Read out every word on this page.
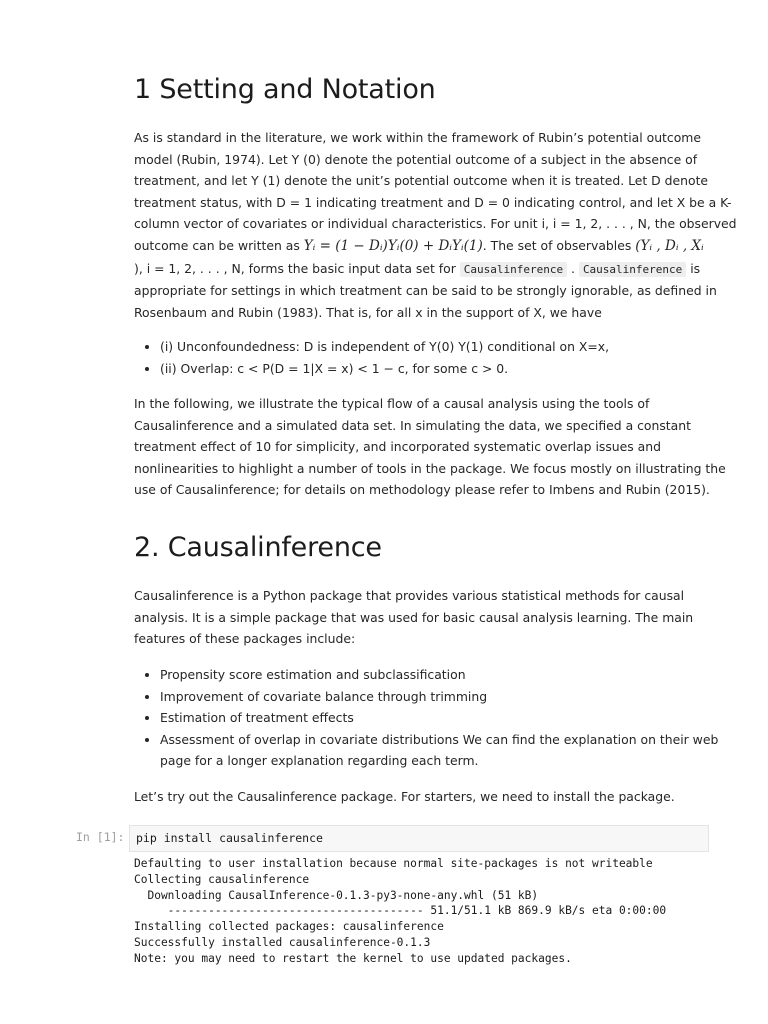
1 Setting and Notation
As is standard in the literature, we work within the framework of Rubin’s potential outcome
model (Rubin, 1974). Let Y (0) denote the potential outcome of a subject in the absence of
treatment, and let Y (1) denote the unit’s potential outcome when it is treated. Let D denote
treatment status, with D = 1 indicating treatment and D = 0 indicating control, and let X be a K-
column vector of covariates or individual characteristics. For unit i, i = 1, 2, . . . , N, the observed
outcome can be written as Yᵢ = (1 − Dᵢ)Yᵢ(0) + DᵢYᵢ(1). The set of observables (Yᵢ , Dᵢ , Xᵢ
), i = 1, 2, . . . , N, forms the basic input data set for Causalinference . Causalinference is
appropriate for settings in which treatment can be said to be strongly ignorable, as defined in
Rosenbaum and Rubin (1983). That is, for all x in the support of X, we have
• (i) Unconfoundedness: D is independent of Y(0) Y(1) conditional on X=x,
• (ii) Overlap: c < P(D = 1|X = x) < 1 − c, for some c > 0.
In the following, we illustrate the typical flow of a causal analysis using the tools of
Causalinference and a simulated data set. In simulating the data, we specified a constant
treatment effect of 10 for simplicity, and incorporated systematic overlap issues and
nonlinearities to highlight a number of tools in the package. We focus mostly on illustrating the
use of Causalinference; for details on methodology please refer to Imbens and Rubin (2015).
2. Causalinference
Causalinference is a Python package that provides various statistical methods for causal
analysis. It is a simple package that was used for basic causal analysis learning. The main
features of these packages include:
• Propensity score estimation and subclassification
• Improvement of covariate balance through trimming
• Estimation of treatment effects
• Assessment of overlap in covariate distributions We can find the explanation on their web
page for a longer explanation regarding each term.
Let’s try out the Causalinference package. For starters, we need to install the package.
In [1]: pip install causalinference
Defaulting to user installation because normal site-packages is not writeable
Collecting causalinference
Downloading CausalInference-0.1.3-py3-none-any.whl (51 kB)
-------------------------------------- 51.1/51.1 kB 869.9 kB/s eta 0:00:00
Installing collected packages: causalinference
Successfully installed causalinference-0.1.3
Note: you may need to restart the kernel to use updated packages.
